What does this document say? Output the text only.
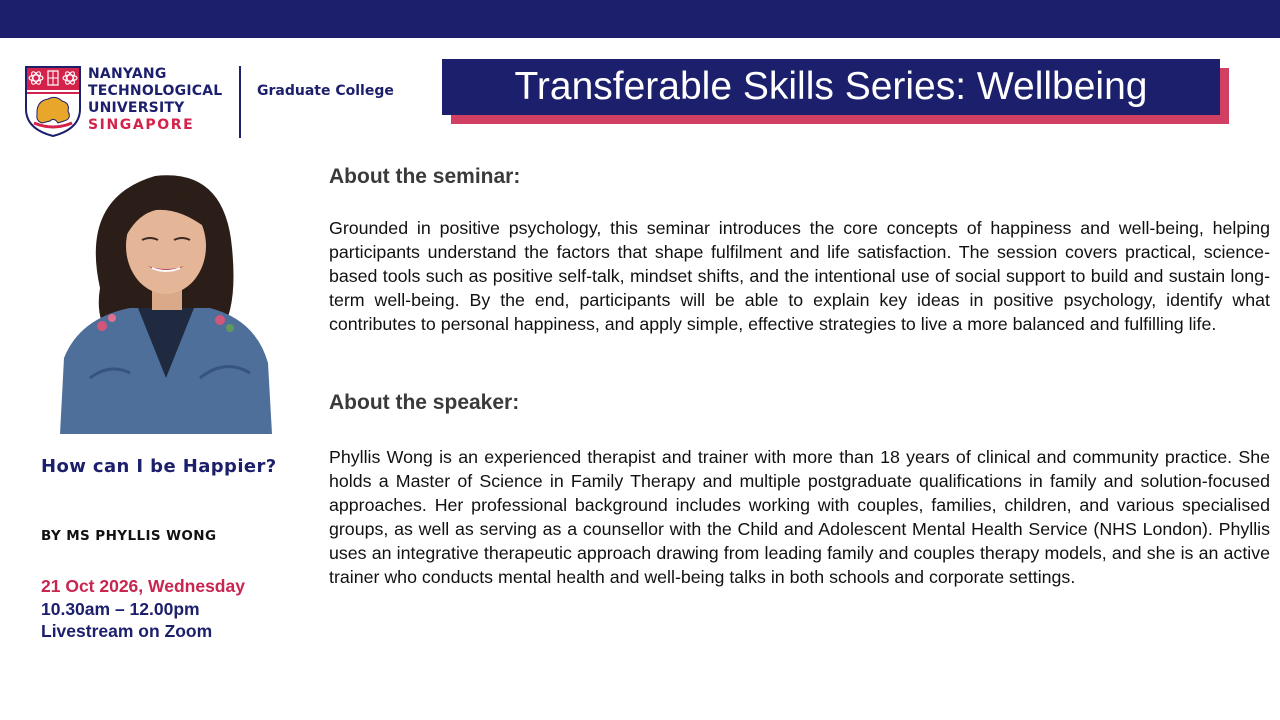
NANYANG
TECHNOLOGICAL
UNIVERSITY
SINGAPORE
Graduate College	Transferable Skills Series: Wellbeing
How can I be Happier?
BY MS PHYLLIS WONG
21 Oct 2026, Wednesday
10.30am – 12.00pm
Livestream on Zoom
About the seminar:

Grounded in positive psychology, this seminar introduces the core concepts of happiness and well-being, helping participants understand the factors that shape fulfilment and life satisfaction. The session covers practical, science-based tools such as positive self-talk, mindset shifts, and the intentional use of social support to build and sustain long-term well-being. By the end, participants will be able to explain key ideas in positive psychology, identify what contributes to personal happiness, and apply simple, effective strategies to live a more balanced and fulfilling life.

About the speaker:

Phyllis Wong is an experienced therapist and trainer with more than 18 years of clinical and community practice. She holds a Master of Science in Family Therapy and multiple postgraduate qualifications in family and solution-focused approaches. Her professional background includes working with couples, families, children, and various specialised groups, as well as serving as a counsellor with the Child and Adolescent Mental Health Service (NHS London). Phyllis uses an integrative therapeutic approach drawing from leading family and couples therapy models, and she is an active trainer who conducts mental health and well-being talks in both schools and corporate settings.
